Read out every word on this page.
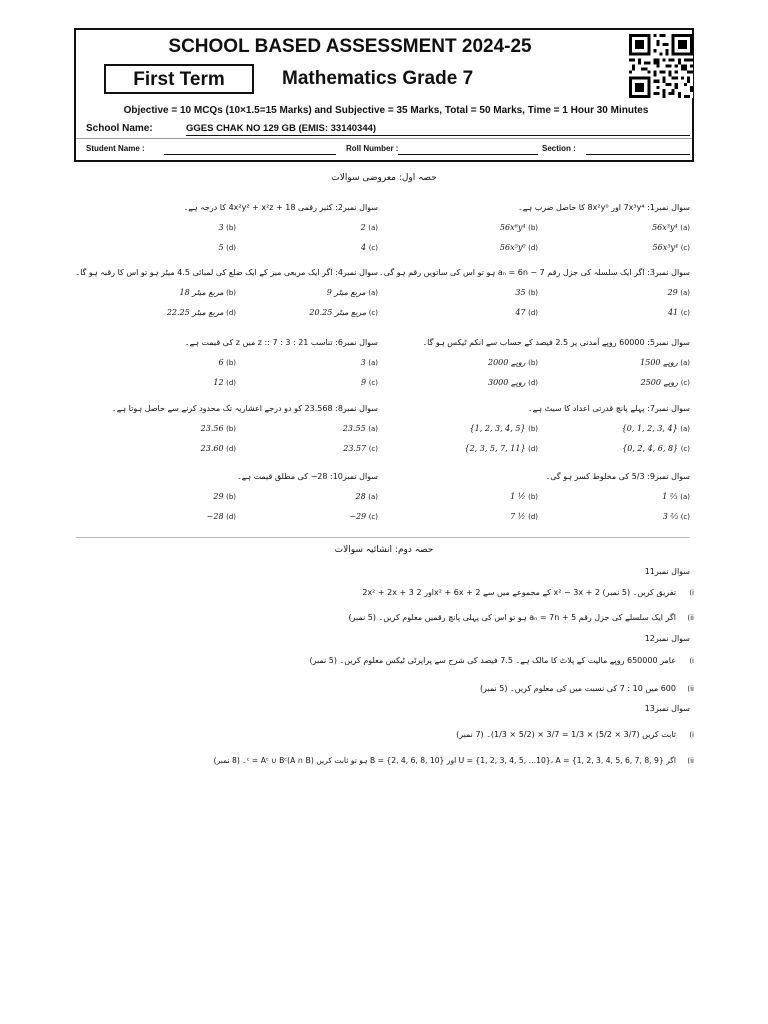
SCHOOL BASED ASSESSMENT 2024-25
First Term	Mathematics Grade 7
Objective = 10 MCQs (10×1.5=15 Marks) and Subjective = 35 Marks, Total = 50 Marks, Time = 1 Hour 30 Minutes
School Name:	GGES CHAK NO 129 GB (EMIS: 33140344)
Student Name :	Roll Number :	Section :
حصہ اول: معروضی سوالات
سوال نمبر1: 7x³y⁴ اور 8x²y⁰ کا حاصل ضرب ہے۔
56x³y⁴ (a)
56x⁶y⁴ (b)
56x⁵y⁴ (c)
56x⁵y⁰ (d)
سوال نمبر2: کثیر رقمی 4x²y² + x²z + 18 کا درجہ ہے۔
2 (a)
3 (b)
4 (c)
5 (d)
سوال نمبر3: اگر ایک سلسلہ کی جزل رقم aₙ = 6n − 7 ہو تو اس کی ساتویں رقم ہو گی۔
29 (a)
35 (b)
41 (c)
47 (d)
سوال نمبر4: اگر ایک مربعی میز کے ایک ضلع کی لمبائی 4.5 میٹر ہو تو اس کا رقبہ ہو گا۔
9 مربع میٹر (a)
18 مربع میٹر (b)
20.25 مربع میٹر (c)
22.25 مربع میٹر (d)
سوال نمبر5: 60000 روپے آمدنی پر 2.5 فیصد کے حساب سے انکم ٹیکس ہو گا۔
1500 روپے (a)
2000 روپے (b)
2500 روپے (c)
3000 روپے (d)
سوال نمبر6: تناسب 21 : z :: 7 : 3 میں z کی قیمت ہے۔
3 (a)
6 (b)
9 (c)
12 (d)
سوال نمبر7: پہلے پانچ قدرتی اعداد کا سیٹ ہے۔
{0, 1, 2, 3, 4} (a)
{1, 2, 3, 4, 5} (b)
{0, 2, 4, 6, 8} (c)
{2, 3, 5, 7, 11} (d)
سوال نمبر8: 23.568 کو دو درجے اعشاریہ تک محدود کرنے سے حاصل ہوتا ہے۔
23.55 (a)
23.56 (b)
23.57 (c)
23.60 (d)
سوال نمبر9: 5/3 کی مخلوط کسر ہو گی۔
1 ⅔ (a)
1 ½ (b)
3 ⅔ (c)
7 ½ (d)
سوال نمبر10: 28− کی مطلق قیمت ہے۔
28 (a)
29 (b)
−29 (c)
−28 (d)
حصہ دوم: انشائیہ سوالات
سوال نمبر11
(i
2x² + 2x + 3 اور 2x² + 6x + 2 کے مجموعے میں سے x² − 3x + 2 تفریق کریں۔ (5 نمبر)
(ii
اگر ایک سلسلے کی جزل رقم aₙ = 7n + 5 ہو تو اس کی پہلی پانچ رقمیں معلوم کریں۔ (5 نمبر)
سوال نمبر12
(i
عامر 650000 روپے مالیت کے پلاٹ کا مالک ہے۔ 7.5 فیصد کی شرح سے پراپرٹی ٹیکس معلوم کریں۔ (5 نمبر)
(ii
600 میں 10 : 7 کی نسبت میں کی معلوم کریں۔ (5 نمبر)
سوال نمبر13
(i
ثابت کریں (3/7 × 5/2) × 1/3 = 3/7 × (5/2 × 1/3)۔ (7 نمبر)
(ii
اگر U = {1, 2, 3, 4, 5, …10}، A = {1, 2, 3, 4, 5, 6, 7, 8, 9} اور B = {2, 4, 6, 8, 10} ہو تو ثابت کریں (A ∩ B)ᶜ = Aᶜ ∪ Bᶜ۔ (8 نمبر)
